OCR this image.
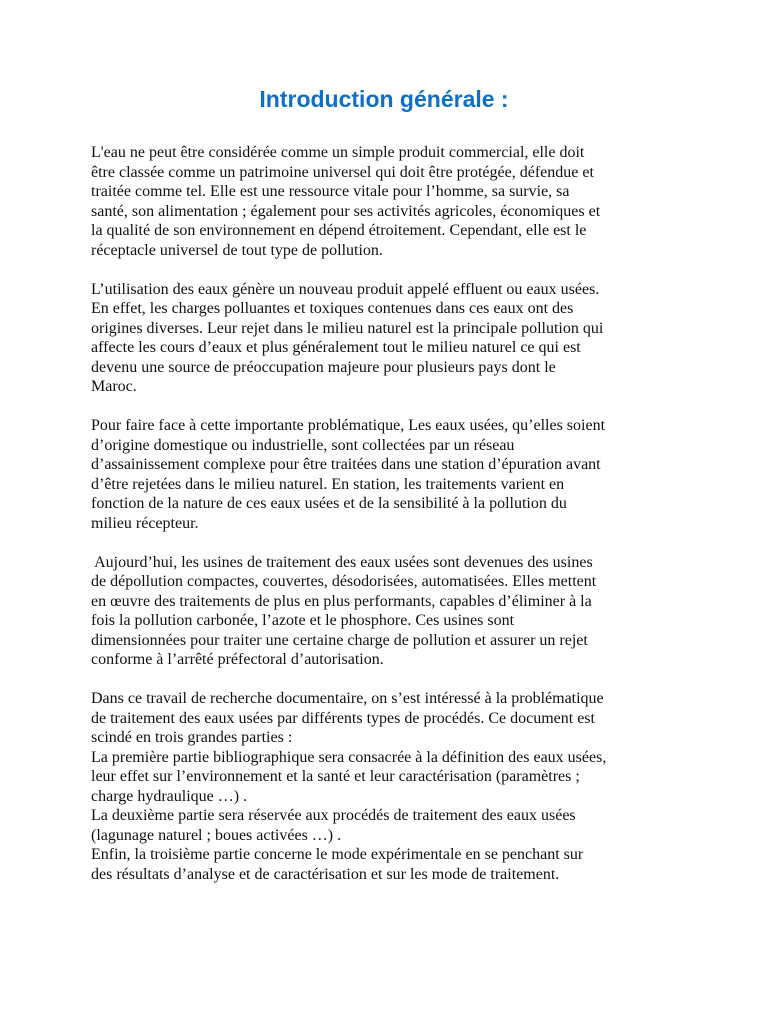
Introduction générale :

L'eau ne peut être considérée comme un simple produit commercial, elle doit
être classée comme un patrimoine universel qui doit être protégée, défendue et
traitée comme tel. Elle est une ressource vitale pour l’homme, sa survie, sa
santé, son alimentation ; également pour ses activités agricoles, économiques et
la qualité de son environnement en dépend étroitement. Cependant, elle est le
réceptacle universel de tout type de pollution.

L’utilisation des eaux génère un nouveau produit appelé effluent ou eaux usées.
En effet, les charges polluantes et toxiques contenues dans ces eaux ont des
origines diverses. Leur rejet dans le milieu naturel est la principale pollution qui
affecte les cours d’eaux et plus généralement tout le milieu naturel ce qui est
devenu une source de préoccupation majeure pour plusieurs pays dont le
Maroc.

Pour faire face à cette importante problématique, Les eaux usées, qu’elles soient
d’origine domestique ou industrielle, sont collectées par un réseau
d’assainissement complexe pour être traitées dans une station d’épuration avant
d’être rejetées dans le milieu naturel. En station, les traitements varient en
fonction de la nature de ces eaux usées et de la sensibilité à la pollution du
milieu récepteur.

Aujourd’hui, les usines de traitement des eaux usées sont devenues des usines
de dépollution compactes, couvertes, désodorisées, automatisées. Elles mettent
en œuvre des traitements de plus en plus performants, capables d’éliminer à la
fois la pollution carbonée, l’azote et le phosphore. Ces usines sont
dimensionnées pour traiter une certaine charge de pollution et assurer un rejet
conforme à l’arrêté préfectoral d’autorisation.

Dans ce travail de recherche documentaire, on s’est intéressé à la problématique
de traitement des eaux usées par différents types de procédés. Ce document est
scindé en trois grandes parties :
La première partie bibliographique sera consacrée à la définition des eaux usées,
leur effet sur l’environnement et la santé et leur caractérisation (paramètres ;
charge hydraulique …) .
La deuxième partie sera réservée aux procédés de traitement des eaux usées
(lagunage naturel ; boues activées …) .
Enfin, la troisième partie concerne le mode expérimentale en se penchant sur
des résultats d’analyse et de caractérisation et sur les mode de traitement.
